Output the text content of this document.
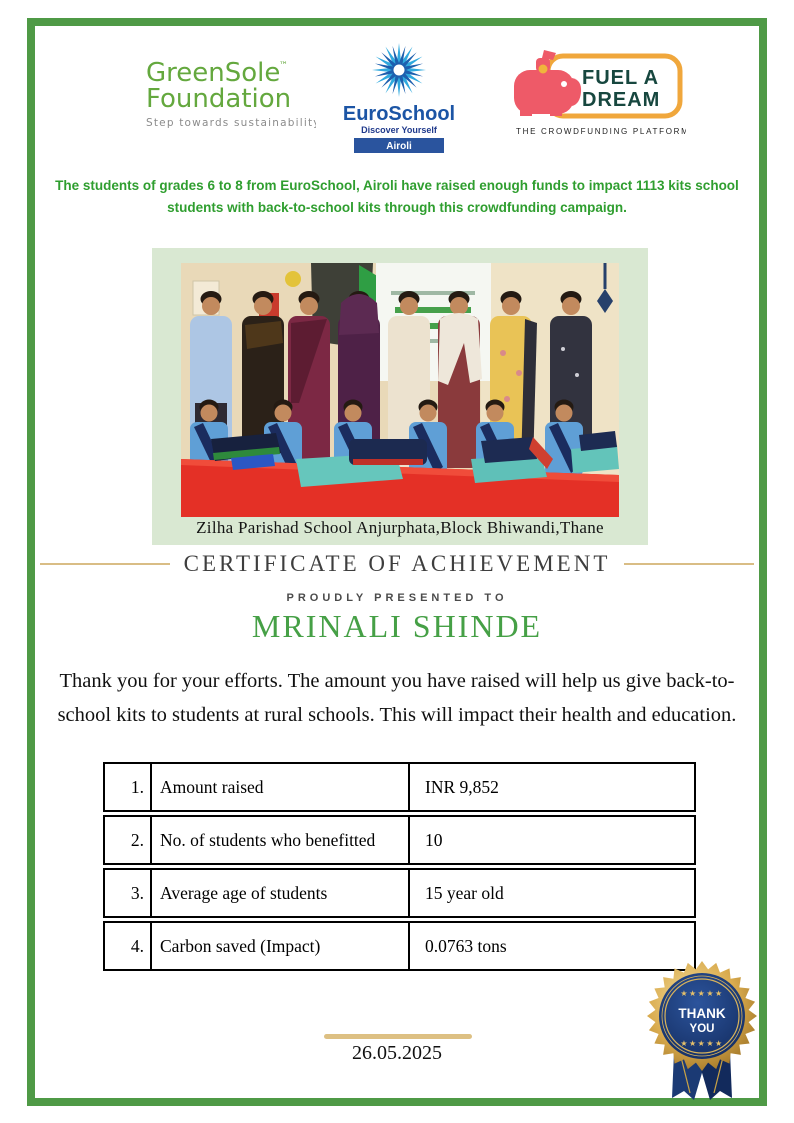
GreenSole
™
Foundation
Step towards sustainability EuroSchool
Discover Yourself
Airoli
FUEL A
DREAM
THE CROWDFUNDING PLATFORM
The students of grades 6 to 8 from EuroSchool, Airoli have raised enough funds to impact 1113 kits school students with back-to-school kits through this crowdfunding campaign.
Zilha Parishad School Anjurphata,Block Bhiwandi,Thane
CERTIFICATE OF ACHIEVEMENT
PROUDLY PRESENTED TO
MRINALI SHINDE
Thank you for your efforts. The amount you have raised will help us give back-to-school kits to students at rural schools. This will impact their health and education.
1.	Amount raised	INR 9,852
2.	No. of students who benefitted	10
3.	Average age of students	15 year old
4.	Carbon saved (Impact)	0.0763 tons
26.05.2025
★★★★★
THANK
YOU
★★★★★
